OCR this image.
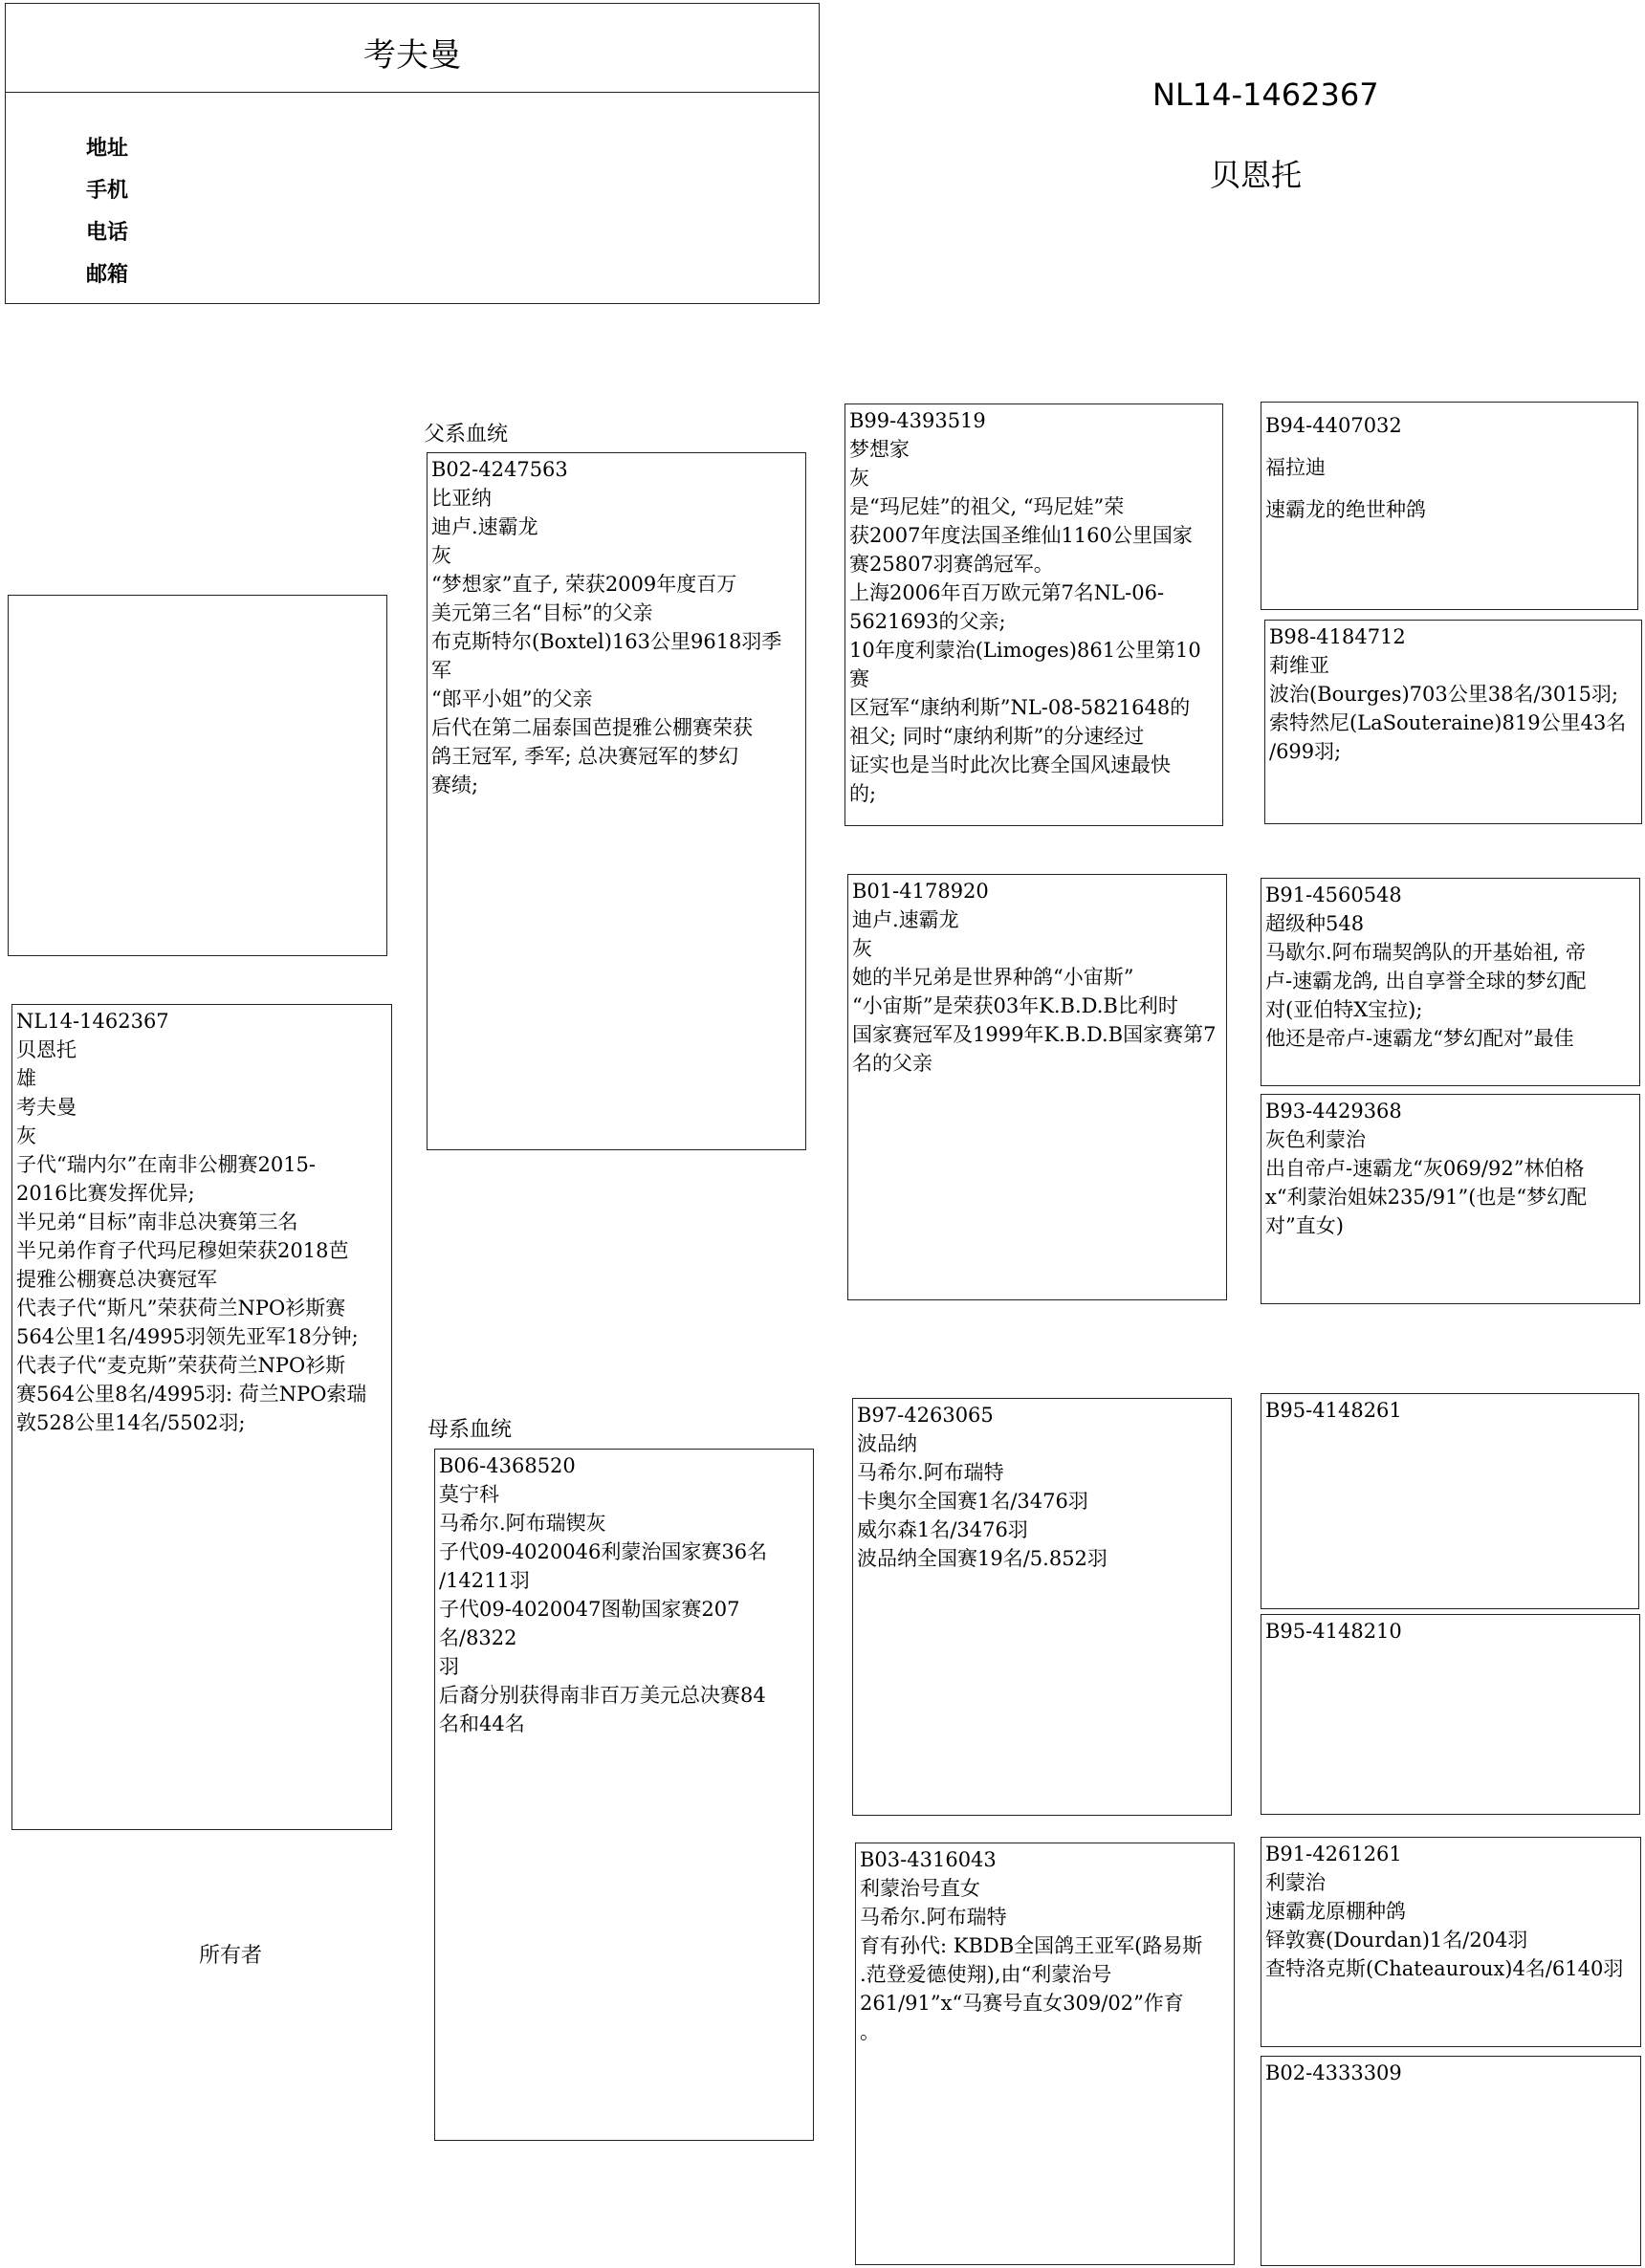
考夫曼
地址
手机
电话
邮箱
NL14-1462367
贝恩托
父系血统
母系血统
所有者
NL14-1462367
贝恩托
雄
考夫曼
灰
子代“瑞内尔”在南非公棚赛2015-
2016比赛发挥优异;
半兄弟“目标”南非总决赛第三名
半兄弟作育子代玛尼穆妲荣获2018芭
提雅公棚赛总决赛冠军
代表子代“斯凡”荣获荷兰NPO衫斯赛
564公里1名/4995羽领先亚军18分钟;
代表子代“麦克斯”荣获荷兰NPO衫斯
赛564公里8名/4995羽: 荷兰NPO索瑞
敦528公里14名/5502羽;
B02-4247563
比亚纳
迪卢.速霸龙
灰
“梦想家”直子, 荣获2009年度百万
美元第三名“目标”的父亲
布克斯特尔(Boxtel)163公里9618羽季军
“郎平小姐”的父亲
后代在第二届泰国芭提雅公棚赛荣获
鸽王冠军, 季军; 总决赛冠军的梦幻
赛绩;
B06-4368520
莫宁科
马希尔.阿布瑞锲灰
子代09-4020046利蒙治国家赛36名
/14211羽
子代09-4020047图勒国家赛207名/8322
羽
后裔分别获得南非百万美元总决赛84
名和44名
B99-4393519
梦想家
灰
是“玛尼娃”的祖父, “玛尼娃”荣
获2007年度法国圣维仙1160公里国家
赛25807羽赛鸽冠军。
上海2006年百万欧元第7名NL-06-
5621693的父亲;
10年度利蒙治(Limoges)861公里第10赛
区冠军“康纳利斯”NL-08-5821648的
祖父; 同时“康纳利斯”的分速经过
证实也是当时此次比赛全国风速最快
的;
B01-4178920
迪卢.速霸龙
灰
她的半兄弟是世界种鸽“小宙斯”
“小宙斯”是荣获03年K.B.D.B比利时
国家赛冠军及1999年K.B.D.B国家赛第7
名的父亲
B97-4263065
波品纳
马希尔.阿布瑞特
卡奥尔全国赛1名/3476羽
威尔森1名/3476羽
波品纳全国赛19名/5.852羽
B03-4316043
利蒙治号直女
马希尔.阿布瑞特
育有孙代: KBDB全国鸽王亚军(路易斯
.范登爱德使翔),由“利蒙治号
261/91”x“马赛号直女309/02”作育
。
B94-4407032
福拉迪
速霸龙的绝世种鸽
B98-4184712
莉维亚
波治(Bourges)703公里38名/3015羽;
索特然尼(LaSouteraine)819公里43名
/699羽;
B91-4560548
超级种548
马歇尔.阿布瑞契鸽队的开基始祖, 帝
卢-速霸龙鸽, 出自享誉全球的梦幻配
对(亚伯特X宝拉);
他还是帝卢-速霸龙“梦幻配对”最佳
B93-4429368
灰色利蒙治
出自帝卢-速霸龙“灰069/92”林伯格
x“利蒙治姐妹235/91”(也是“梦幻配
对”直女)
B95-4148261
B95-4148210
B91-4261261
利蒙治
速霸龙原棚种鸽
铎敦赛(Dourdan)1名/204羽
查特洛克斯(Chateauroux)4名/6140羽
B02-4333309
